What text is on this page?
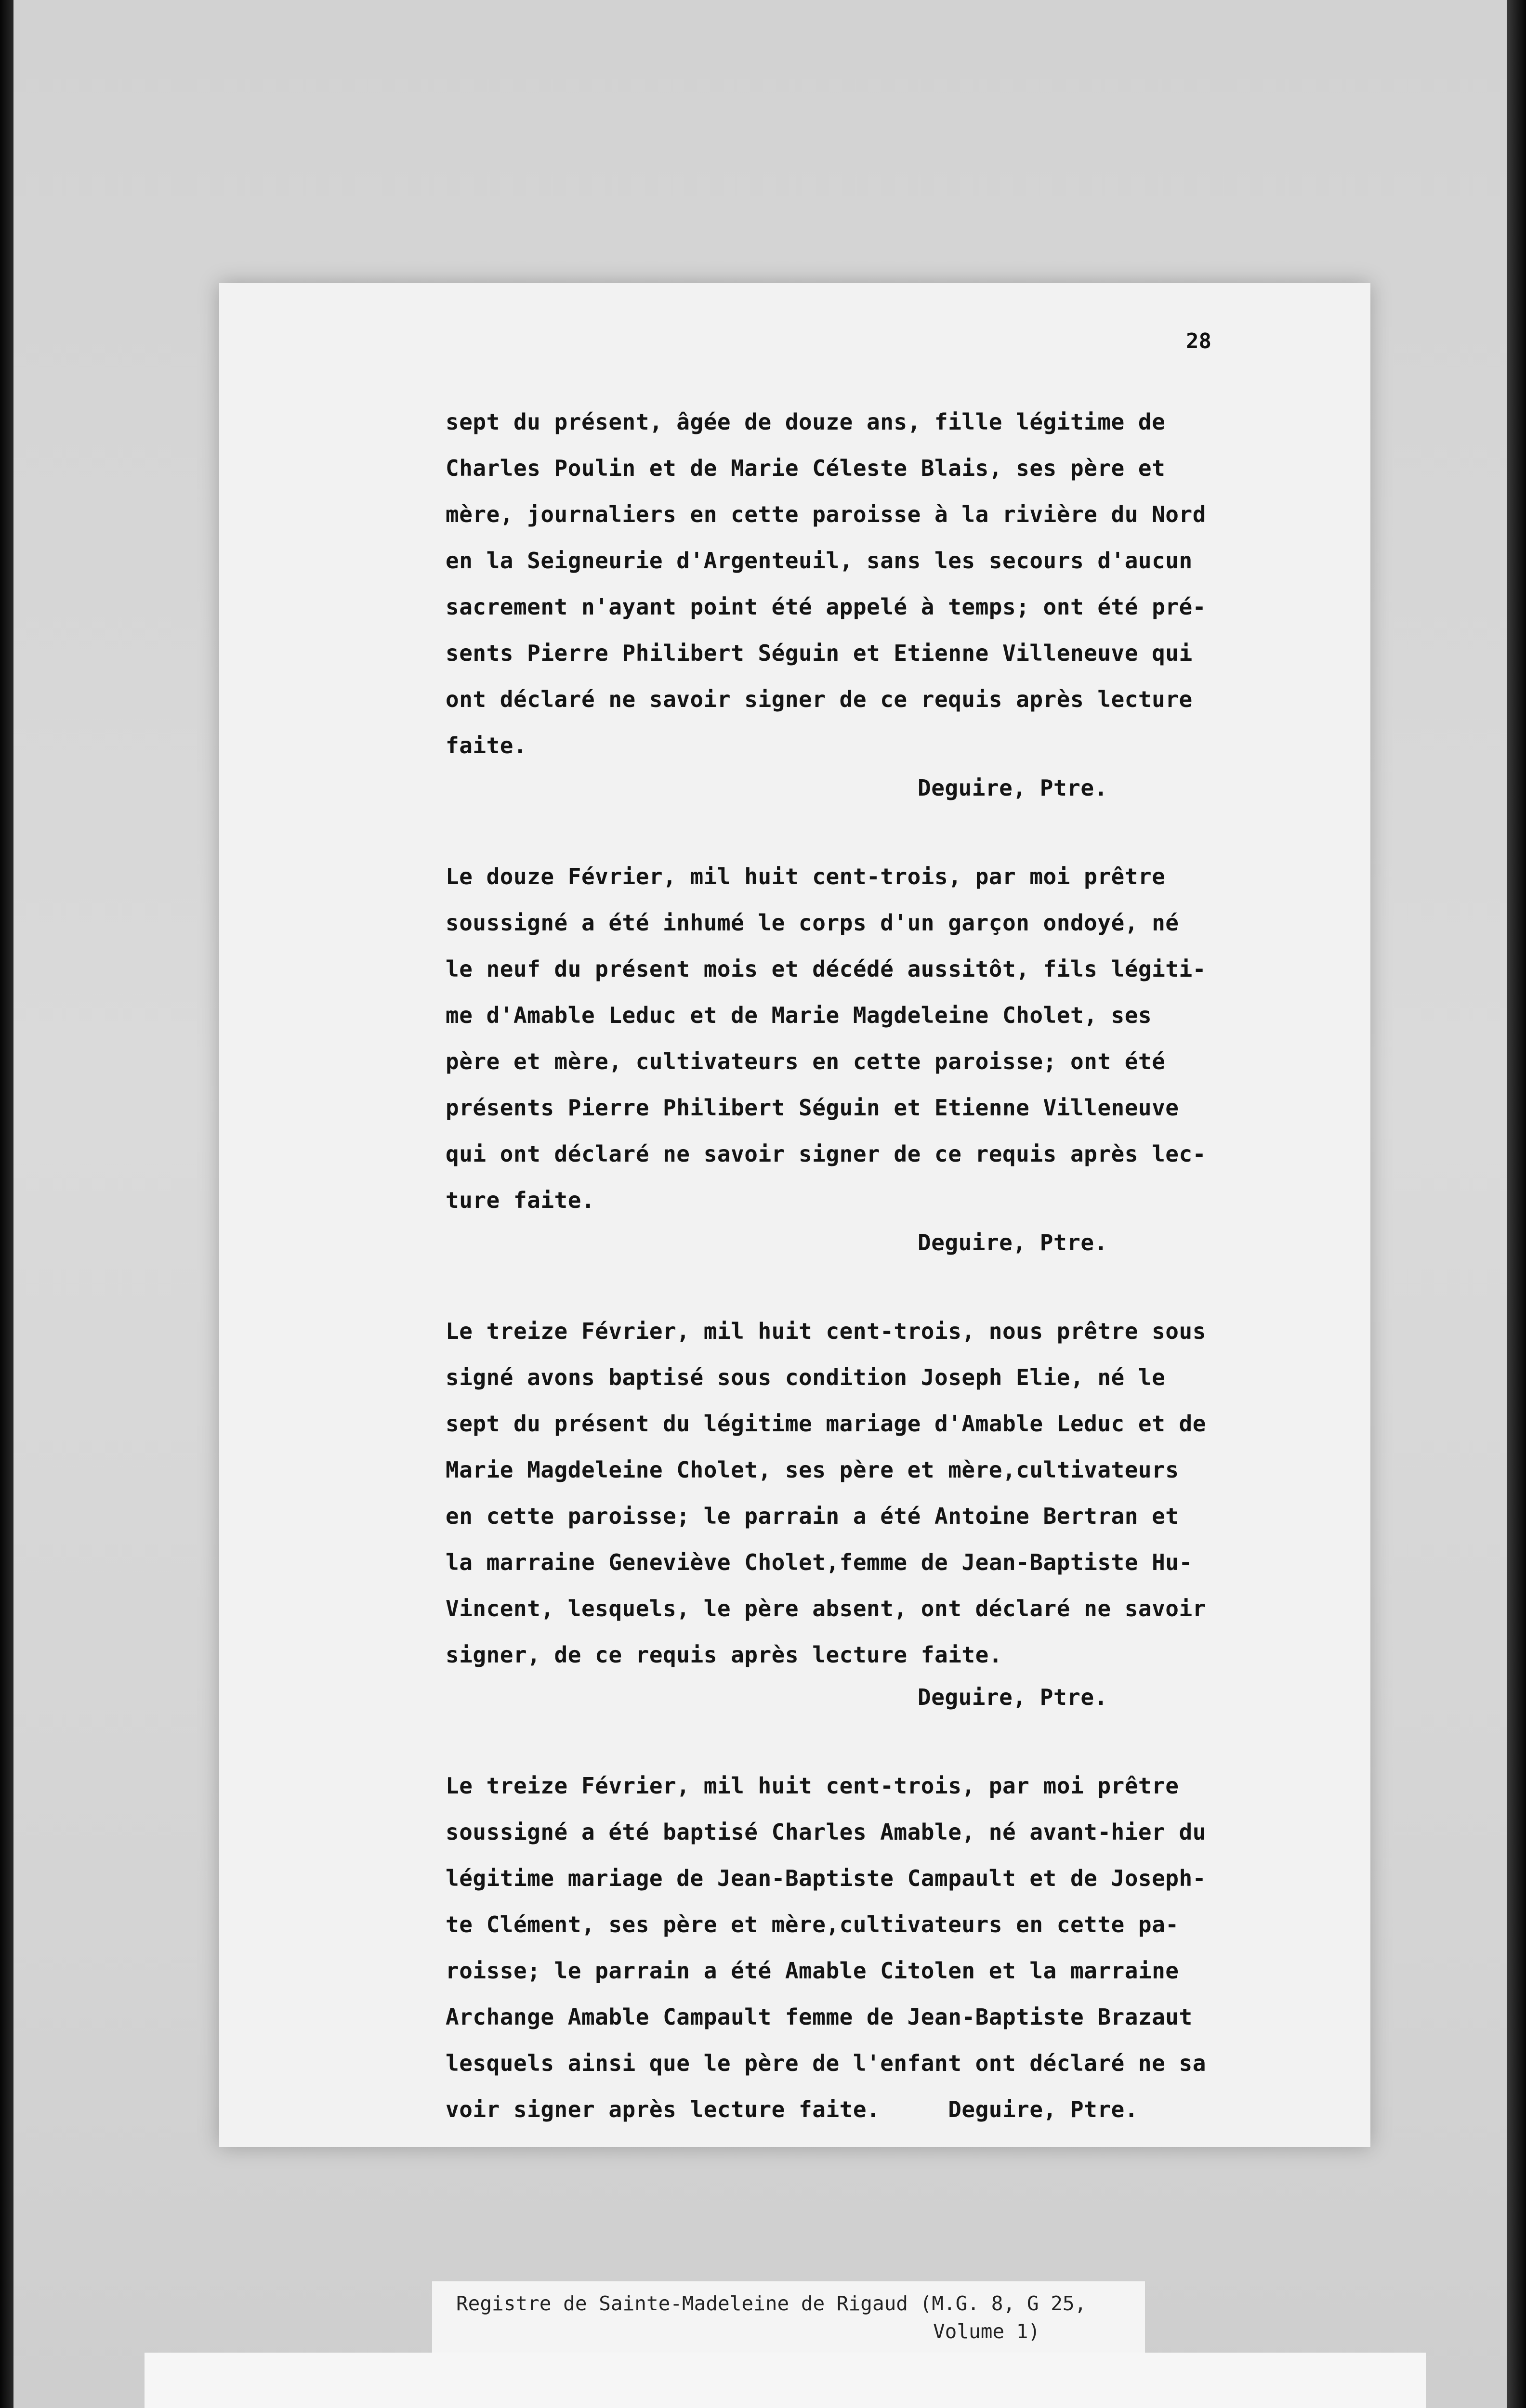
28
sept du présent, âgée de douze ans, fille légitime de
Charles Poulin et de Marie Céleste Blais, ses père et
mère, journaliers en cette paroisse à la rivière du Nord
en la Seigneurie d'Argenteuil, sans les secours d'aucun
sacrement n'ayant point été appelé à temps; ont été pré-
sents Pierre Philibert Séguin et Etienne Villeneuve qui
ont déclaré ne savoir signer de ce requis après lecture
faite.
Deguire, Ptre.
Le douze Février, mil huit cent-trois, par moi prêtre
soussigné a été inhumé le corps d'un garçon ondoyé, né
le neuf du présent mois et décédé aussitôt, fils légiti-
me d'Amable Leduc et de Marie Magdeleine Cholet, ses
père et mère, cultivateurs en cette paroisse; ont été
présents Pierre Philibert Séguin et Etienne Villeneuve
qui ont déclaré ne savoir signer de ce requis après lec-
ture faite.
Deguire, Ptre.
Le treize Février, mil huit cent-trois, nous prêtre sous
signé avons baptisé sous condition Joseph Elie, né le
sept du présent du légitime mariage d'Amable Leduc et de
Marie Magdeleine Cholet, ses père et mère,cultivateurs
en cette paroisse; le parrain a été Antoine Bertran et
la marraine Geneviève Cholet,femme de Jean-Baptiste Hu-
Vincent, lesquels, le père absent, ont déclaré ne savoir
signer, de ce requis après lecture faite.
Deguire, Ptre.
Le treize Février, mil huit cent-trois, par moi prêtre
soussigné a été baptisé Charles Amable, né avant-hier du
légitime mariage de Jean-Baptiste Campault et de Joseph-
te Clément, ses père et mère,cultivateurs en cette pa-
roisse; le parrain a été Amable Citolen et la marraine
Archange Amable Campault femme de Jean-Baptiste Brazaut
lesquels ainsi que le père de l'enfant ont déclaré ne sa
voir signer après lecture faite.     Deguire, Ptre.
Registre de Sainte-Madeleine de Rigaud (M.G. 8, G 25,
Volume 1)
